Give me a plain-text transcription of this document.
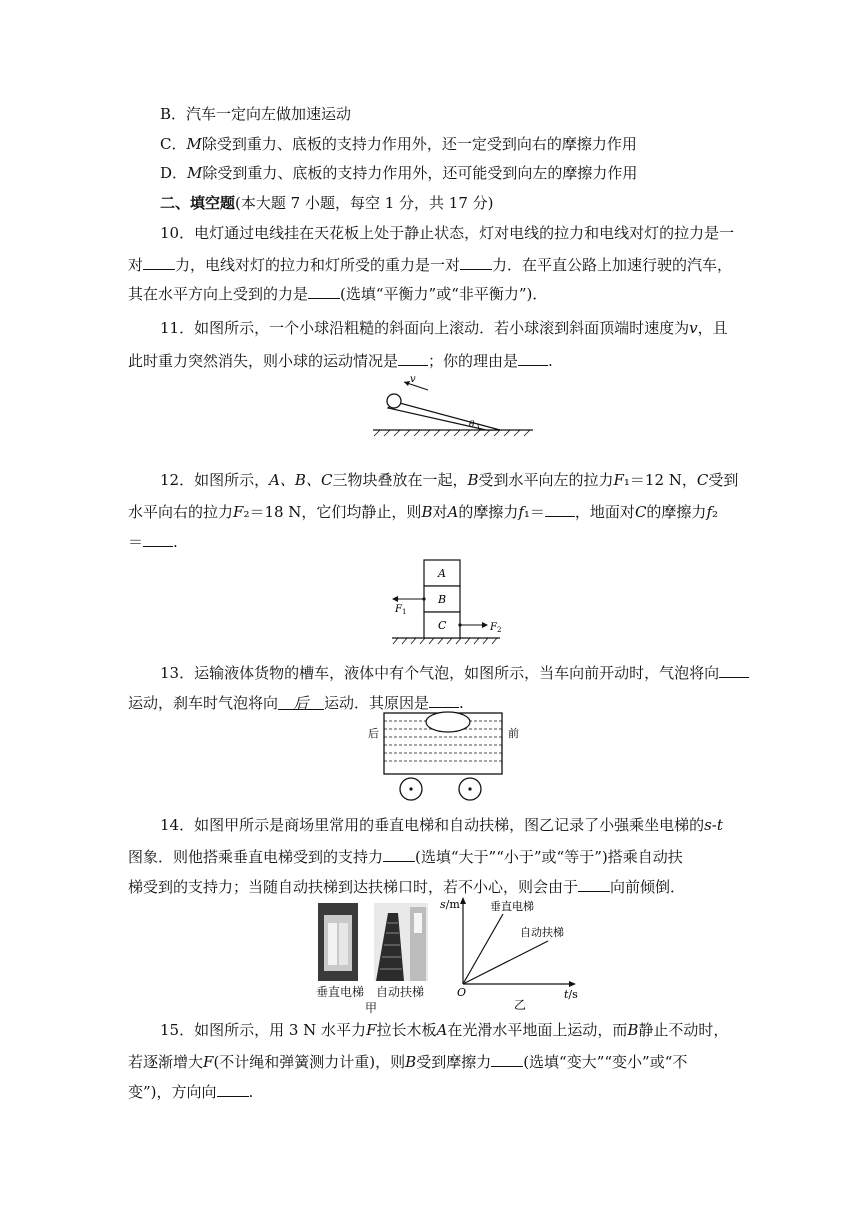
B．汽车一定向左做加速运动
C．M除受到重力、底板的支持力作用外，还一定受到向右的摩擦力作用
D．M除受到重力、底板的支持力作用外，还可能受到向左的摩擦力作用
二、填空题(本大题 7 小题，每空 1 分，共 17 分)
10．电灯通过电线挂在天花板上处于静止状态，灯对电线的拉力和电线对灯的拉力是一
对 力，电线对灯的拉力和灯所受的重力是一对 力．在平直公路上加速行驶的汽车，
其在水平方向上受到的力是 (选填“平衡力”或“非平衡力”)．
11．如图所示，一个小球沿粗糙的斜面向上滚动．若小球滚到斜面顶端时速度为v，且
此时重力突然消失，则小球的运动情况是 ；你的理由是 .
v
θ
12．如图所示，A、B、C三物块叠放在一起，B受到水平向左的拉力F₁＝12 N，C受到
水平向右的拉力F₂＝18 N，它们均静止，则B对A的摩擦力f₁＝ ，地面对C的摩擦力f₂
＝ .
A
B
C
$F_1$
$F_2$
13．运输液体货物的槽车，液体中有个气泡，如图所示，当车向前开动时，气泡将向
运动，刹车时气泡将向 后 运动．其原因是 .
后	前
14．如图甲所示是商场里常用的垂直电梯和自动扶梯，图乙记录了小强乘坐电梯的s-t
图象．则他搭乘垂直电梯受到的支持力 (选填“大于”“小于”或“等于”)搭乘自动扶
梯受到的支持力；当随自动扶梯到达扶梯口时，若不小心，则会由于 向前倾倒．
垂直电梯 自动扶梯
甲
s/m
t/s
O
垂直电梯
自动扶梯
乙
15．如图所示，用 3 N 水平力F拉长木板A在光滑水平地面上运动，而B静止不动时，
若逐渐增大F(不计绳和弹簧测力计重)，则B受到摩擦力 (选填“变大”“变小”或“不
变”)，方向向 .
